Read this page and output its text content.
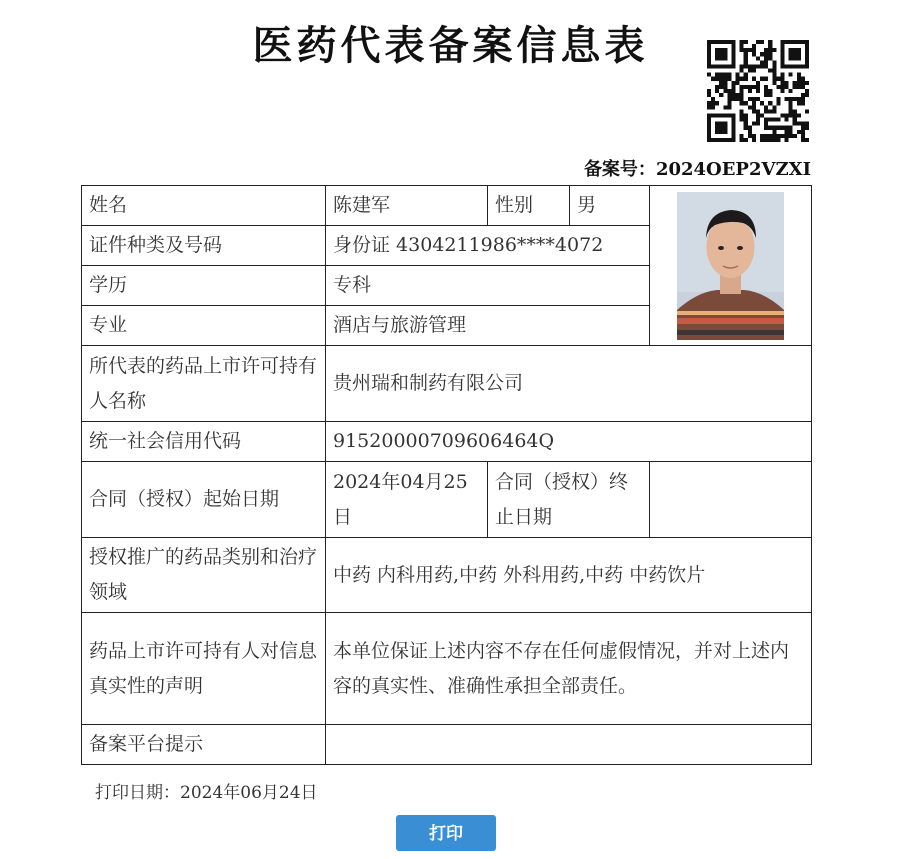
医药代表备案信息表
备案号：2024OEP2VZXI
姓名	陈建军	性别	男	

证件种类及号码	身份证 4304211986****4072			
学历	专科			
专业	酒店与旅游管理			
所代表的药品上市许可持有人名称	贵州瑞和制药有限公司			
统一社会信用代码	91520000709606464Q			
合同（授权）起始日期	2024年04月25日	合同（授权）终止日期		
授权推广的药品类别和治疗领域	中药 内科用药,中药 外科用药,中药 中药饮片			
药品上市许可持有人对信息真实性的声明	本单位保证上述内容不存在任何虚假情况，并对上述内容的真实性、准确性承担全部责任。			
备案平台提示				
打印日期：2024年06月24日
打印
